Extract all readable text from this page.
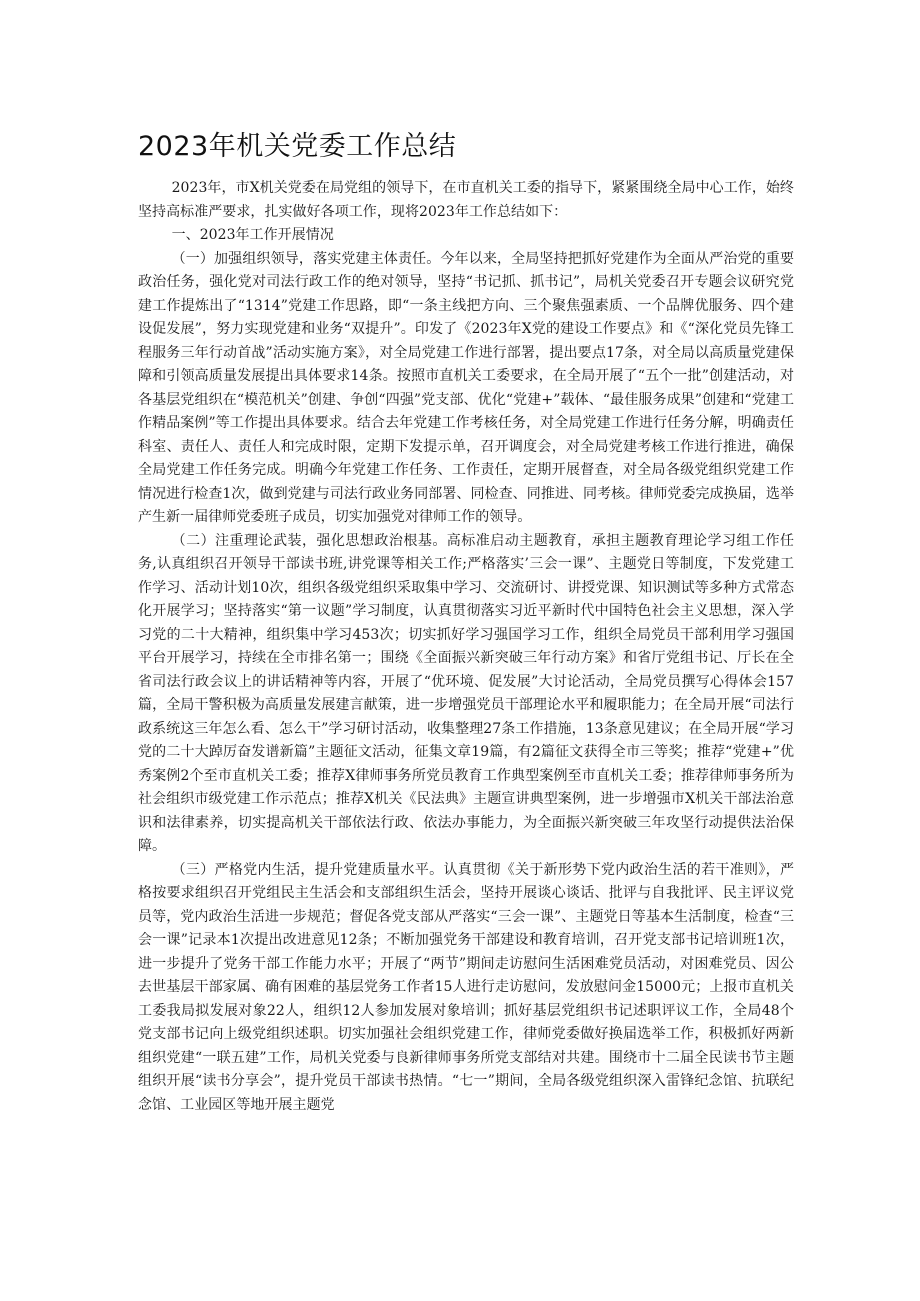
2023年机关党委工作总结

2023年，市X机关党委在局党组的领导下，在市直机关工委的指导下，紧紧围绕全局中心工作，始终坚持高标准严要求，扎实做好各项工作，现将2023年工作总结如下：

一、2023年工作开展情况

（一）加强组织领导，落实党建主体责任。今年以来，全局坚持把抓好党建作为全面从严治党的重要政治任务，强化党对司法行政工作的绝对领导，坚持“书记抓、抓书记”，局机关党委召开专题会议研究党建工作提炼出了“1314”党建工作思路，即“一条主线把方向、三个聚焦强素质、一个品牌优服务、四个建设促发展”，努力实现党建和业务“双提升”。印发了《2023年X党的建设工作要点》和《“深化党员先锋工程服务三年行动首战”活动实施方案》，对全局党建工作进行部署，提出要点17条，对全局以高质量党建保障和引领高质量发展提出具体要求14条。按照市直机关工委要求，在全局开展了“五个一批”创建活动，对各基层党组织在“模范机关”创建、争创“四强”党支部、优化“党建+”载体、“最佳服务成果”创建和“党建工作精品案例”等工作提出具体要求。结合去年党建工作考核任务，对全局党建工作进行任务分解，明确责任科室、责任人、责任人和完成时限，定期下发提示单，召开调度会，对全局党建考核工作进行推进，确保全局党建工作任务完成。明确今年党建工作任务、工作责任，定期开展督查，对全局各级党组织党建工作情况进行检查1次，做到党建与司法行政业务同部署、同检查、同推进、同考核。律师党委完成换届，选举产生新一届律师党委班子成员，切实加强党对律师工作的领导。

（二）注重理论武装，强化思想政治根基。高标准启动主题教育，承担主题教育理论学习组工作任务,认真组织召开领导干部读书班,讲党课等相关工作;严格落实’三会一课”、主题党日等制度，下发党建工作学习、活动计划10次，组织各级党组织采取集中学习、交流研讨、讲授党课、知识测试等多种方式常态化开展学习；坚持落实“第一议题”学习制度，认真贯彻落实习近平新时代中国特色社会主义思想，深入学习党的二十大精神，组织集中学习453次；切实抓好学习强国学习工作，组织全局党员干部利用学习强国平台开展学习，持续在全市排名第一；围绕《全面振兴新突破三年行动方案》和省厅党组书记、厅长在全省司法行政会议上的讲话精神等内容，开展了“优环境、促发展”大讨论活动，全局党员撰写心得体会157篇，全局干警积极为高质量发展建言献策，进一步增强党员干部理论水平和履职能力；在全局开展“司法行政系统这三年怎么看、怎么干”学习研讨活动，收集整理27条工作措施，13条意见建议；在全局开展“学习党的二十大踔厉奋发谱新篇”主题征文活动，征集文章19篇，有2篇征文获得全市三等奖；推荐“党建+”优秀案例2个至市直机关工委；推荐X律师事务所党员教育工作典型案例至市直机关工委；推荐律师事务所为社会组织市级党建工作示范点；推荐X机关《民法典》主题宣讲典型案例，进一步增强市X机关干部法治意识和法律素养，切实提高机关干部依法行政、依法办事能力，为全面振兴新突破三年攻坚行动提供法治保障。

（三）严格党内生活，提升党建质量水平。认真贯彻《关于新形势下党内政治生活的若干准则》，严格按要求组织召开党组民主生活会和支部组织生活会，坚持开展谈心谈话、批评与自我批评、民主评议党员等，党内政治生活进一步规范；督促各党支部从严落实“三会一课”、主题党日等基本生活制度，检查“三会一课”记录本1次提出改进意见12条；不断加强党务干部建设和教育培训，召开党支部书记培训班1次，进一步提升了党务干部工作能力水平；开展了“两节”期间走访慰问生活困难党员活动，对困难党员、因公去世基层干部家属、确有困难的基层党务工作者15人进行走访慰问，发放慰问金15000元；上报市直机关工委我局拟发展对象22人，组织12人参加发展对象培训；抓好基层党组织书记述职评议工作，全局48个党支部书记向上级党组织述职。切实加强社会组织党建工作，律师党委做好换届选举工作，积极抓好两新组织党建“一联五建”工作，局机关党委与良新律师事务所党支部结对共建。围绕市十二届全民读书节主题组织开展“读书分享会”，提升党员干部读书热情。“七一”期间，全局各级党组织深入雷锋纪念馆、抗联纪念馆、工业园区等地开展主题党
